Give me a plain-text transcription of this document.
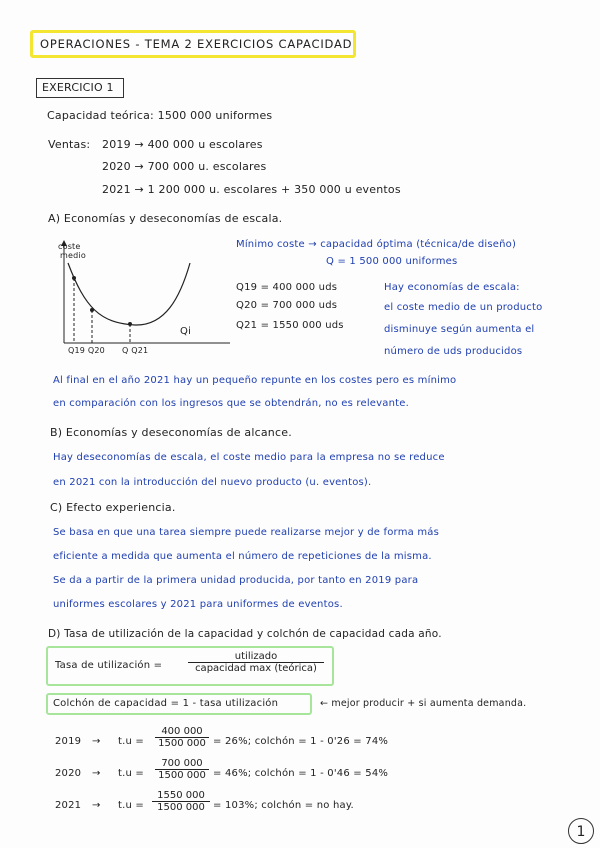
OPERACIONES - TEMA 2 EXERCICIOS CAPACIDAD
EXERCICIO 1
Capacidad teórica: 1500 000 uniformes
Ventas: 2019 → 400 000 u escolares
2020 → 700 000 u. escolares
2021 → 1 200 000 u. escolares + 350 000 u eventos
A) Economías y deseconomías de escala.
coste
medio
Qi
Q19 Q20 Q Q21
Mínimo coste → capacidad óptima (técnica/de diseño)
Q = 1 500 000 uniformes
Q19 = 400 000 uds
Q20 = 700 000 uds
Q21 = 1550 000 uds
Hay economías de escala:
el coste medio de un producto
disminuye según aumenta el
número de uds producidos
Al final en el año 2021 hay un pequeño repunte en los costes pero es mínimo
en comparación con los ingresos que se obtendrán, no es relevante.
B) Economías y deseconomías de alcance.
Hay deseconomías de escala, el coste medio para la empresa no se reduce
en 2021 con la introducción del nuevo producto (u. eventos).
C) Efecto experiencia.
Se basa en que una tarea siempre puede realizarse mejor y de forma más
eficiente a medida que aumenta el número de repeticiones de la misma.
Se da a partir de la primera unidad producida, por tanto en 2019 para
uniformes escolares y 2021 para uniformes de eventos.
D) Tasa de utilización de la capacidad y colchón de capacidad cada año.
Tasa de utilización =
utilizado
capacidad max (teórica)
Colchón de capacidad = 1 - tasa utilización	← mejor producir + si aumenta demanda.
$2019 \to t.u = \frac{400 000}{1500 000} = 26\%$; colchón = 1 - 0'26 = 74%
$2020 \to t.u = \frac{700 000}{1500 000} = 46\%$; colchón = 1 - 0'46 = 54%
$2021 \to t.u = \frac{1550 000}{1500 000} = 103\%$; colchón = no hay.
1
